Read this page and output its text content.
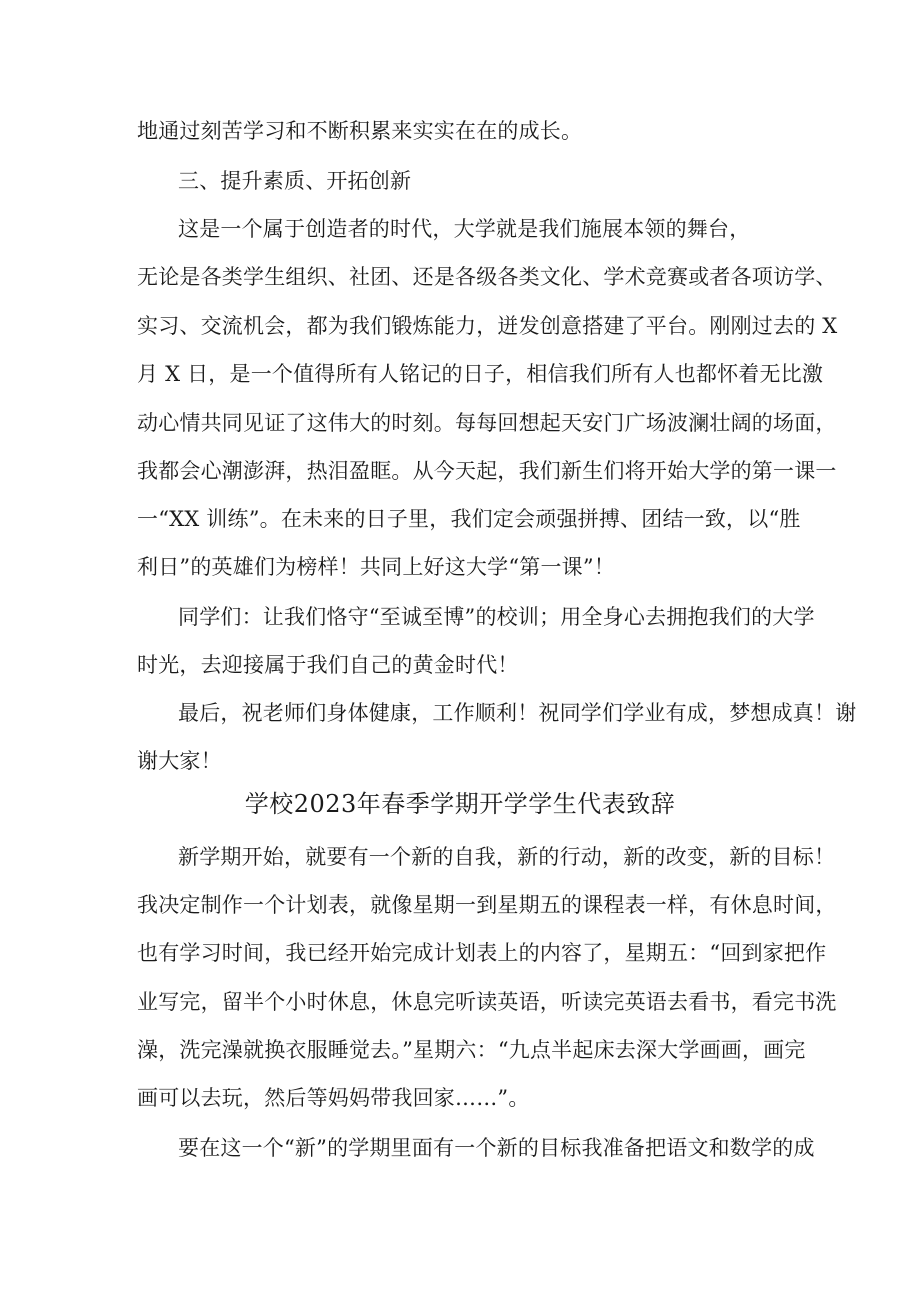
地通过刻苦学习和不断积累来实实在在的成长。
三、提升素质、开拓创新
这是一个属于创造者的时代，大学就是我们施展本领的舞台，
无论是各类学生组织、社团、还是各级各类文化、学术竞赛或者各项访学、
实习、交流机会，都为我们锻炼能力，迸发创意搭建了平台。刚刚过去的 X
月 X 日，是一个值得所有人铭记的日子，相信我们所有人也都怀着无比激
动心情共同见证了这伟大的时刻。每每回想起天安门广场波澜壮阔的场面，
我都会心潮澎湃，热泪盈眶。从今天起，我们新生们将开始大学的第一课一
一“XX 训练”。在未来的日子里，我们定会顽强拼搏、团结一致，以“胜
利日”的英雄们为榜样！共同上好这大学“第一课”！
同学们：让我们恪守“至诚至博”的校训；用全身心去拥抱我们的大学
时光，去迎接属于我们自己的黄金时代！
最后，祝老师们身体健康，工作顺利！祝同学们学业有成，梦想成真！谢
谢大家！
学校2023年春季学期开学学生代表致辞
新学期开始，就要有一个新的自我，新的行动，新的改变，新的目标！
我决定制作一个计划表，就像星期一到星期五的课程表一样，有休息时间，
也有学习时间，我已经开始完成计划表上的内容了，星期五：“回到家把作
业写完，留半个小时休息，休息完听读英语，听读完英语去看书，看完书洗
澡，洗完澡就换衣服睡觉去。”星期六：“九点半起床去深大学画画，画完
画可以去玩，然后等妈妈带我回家……”。
要在这一个“新”的学期里面有一个新的目标我准备把语文和数学的成
